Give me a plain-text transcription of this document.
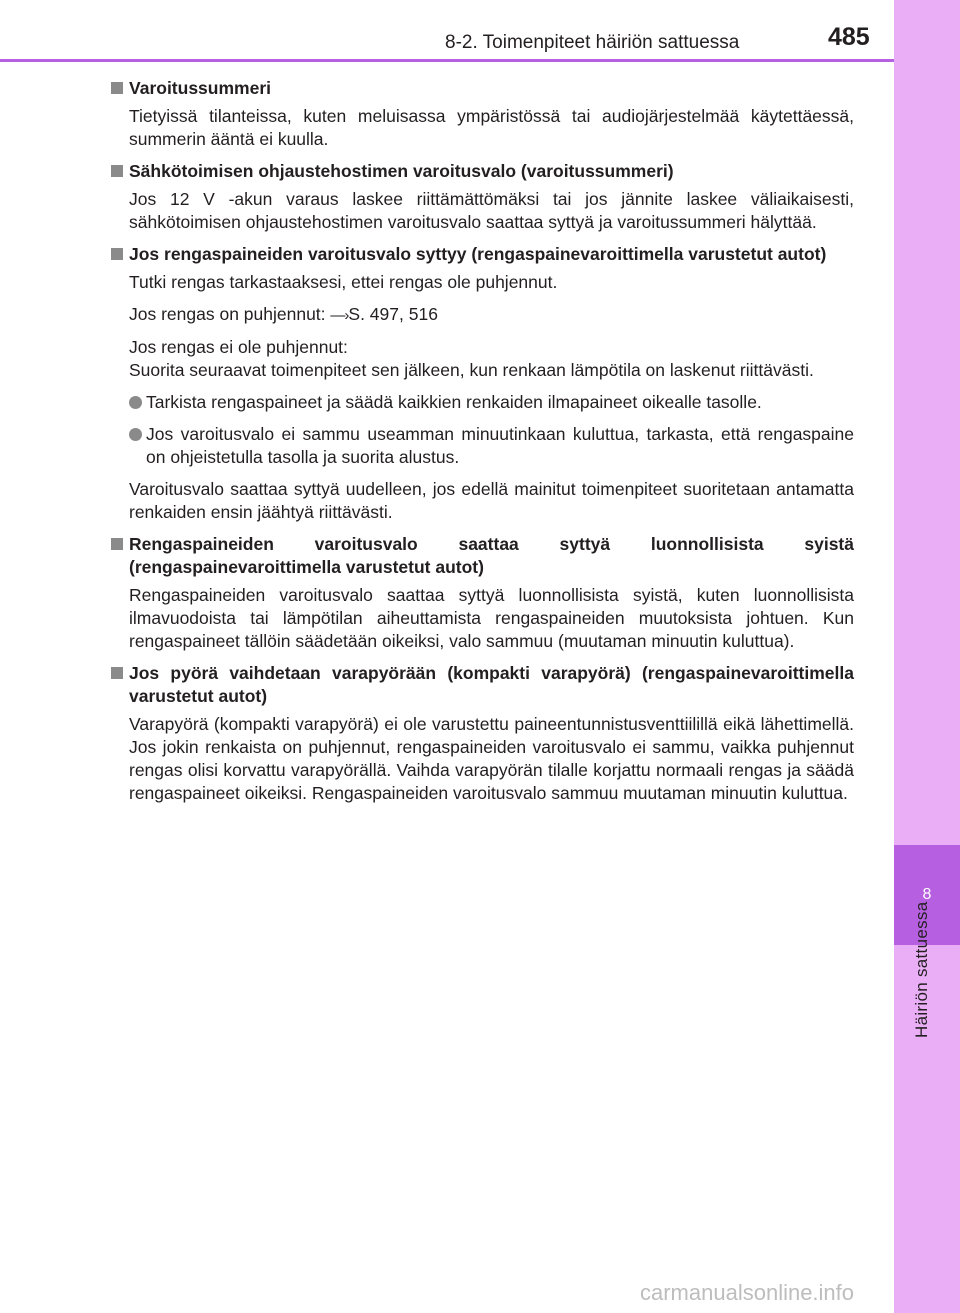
8
Häiriön sattuessa
8-2. Toimenpiteet häiriön sattuessa	485
Varoitussummeri
Tietyissä tilanteissa, kuten meluisassa ympäristössä tai audiojärjestelmää käytettäessä, summerin ääntä ei kuulla.
Sähkötoimisen ohjaustehostimen varoitusvalo (varoitussummeri)
Jos 12 V -akun varaus laskee riittämättömäksi tai jos jännite laskee väliaikaisesti, sähkötoimisen ohjaustehostimen varoitusvalo saattaa syttyä ja varoitussummeri hälyttää.
Jos rengaspaineiden varoitusvalo syttyy (rengaspainevaroittimella varustetut autot)
Tutki rengas tarkastaaksesi, ettei rengas ole puhjennut.
Jos rengas on puhjennut: —›S. 497, 516
Jos rengas ei ole puhjennut:
Suorita seuraavat toimenpiteet sen jälkeen, kun renkaan lämpötila on laskenut riittävästi.
Tarkista rengaspaineet ja säädä kaikkien renkaiden ilmapaineet oikealle tasolle.
Jos varoitusvalo ei sammu useamman minuutinkaan kuluttua, tarkasta, että rengaspaine on ohjeistetulla tasolla ja suorita alustus.
Varoitusvalo saattaa syttyä uudelleen, jos edellä mainitut toimenpiteet suoritetaan antamatta renkaiden ensin jäähtyä riittävästi.
Rengaspaineiden varoitusvalo saattaa syttyä luonnollisista syistä (rengaspainevaroittimella varustetut autot)
Rengaspaineiden varoitusvalo saattaa syttyä luonnollisista syistä, kuten luonnollisista ilmavuodoista tai lämpötilan aiheuttamista rengaspaineiden muutoksista johtuen. Kun rengaspaineet tällöin säädetään oikeiksi, valo sammuu (muutaman minuutin kuluttua).
Jos pyörä vaihdetaan varapyörään (kompakti varapyörä) (rengaspainevaroittimella varustetut autot)
Varapyörä (kompakti varapyörä) ei ole varustettu paineentunnistusventtiilillä eikä lähettimellä. Jos jokin renkaista on puhjennut, rengaspaineiden varoitusvalo ei sammu, vaikka puhjennut rengas olisi korvattu varapyörällä. Vaihda varapyörän tilalle korjattu normaali rengas ja säädä rengaspaineet oikeiksi. Rengaspaineiden varoitusvalo sammuu muutaman minuutin kuluttua.
carmanualsonline.info
